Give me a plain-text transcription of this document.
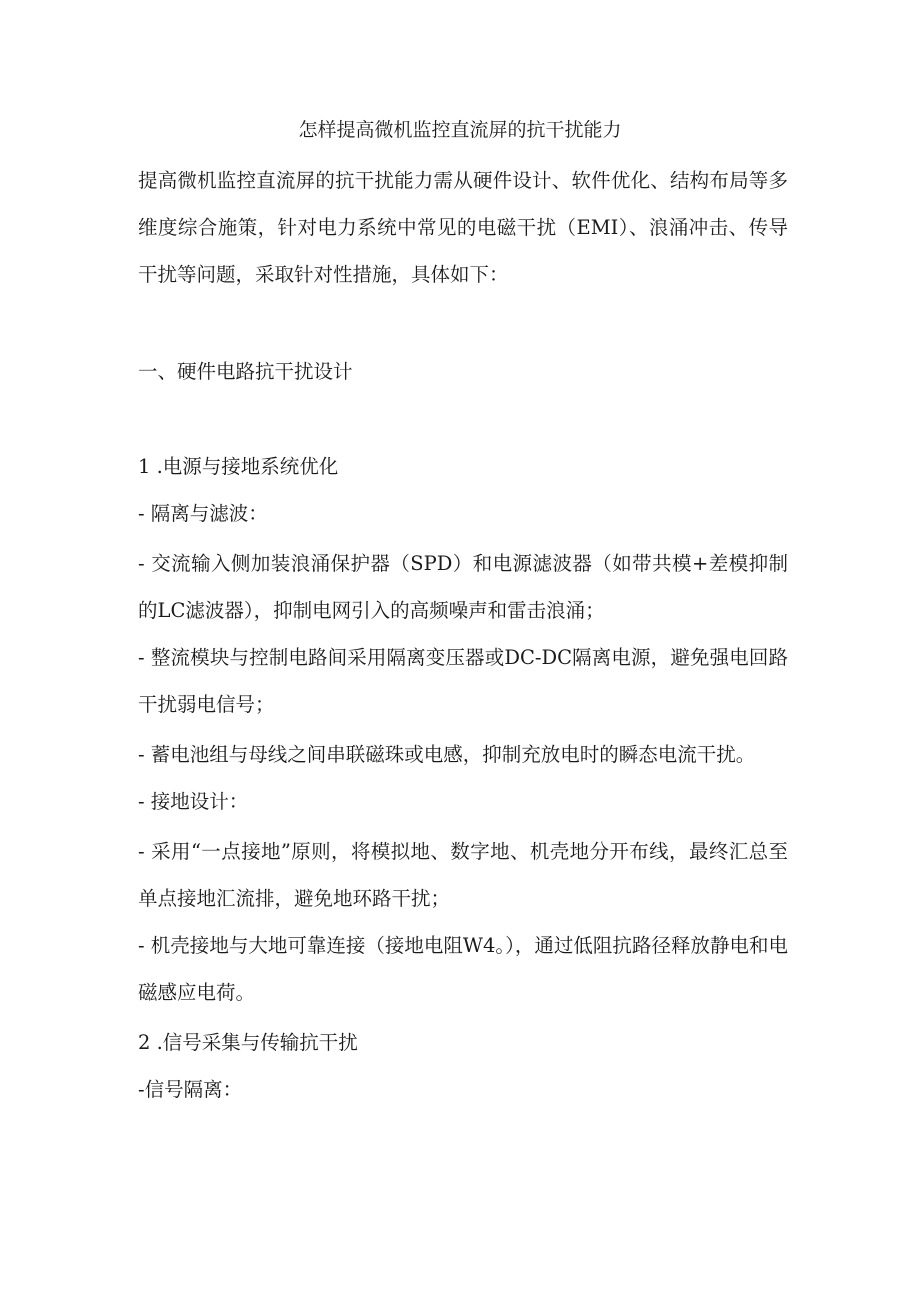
怎样提高微机监控直流屏的抗干扰能力

提高微机监控直流屏的抗干扰能力需从硬件设计、软件优化、结构布局等多维度综合施策，针对电力系统中常见的电磁干扰（EMI）、浪涌冲击、传导干扰等问题，采取针对性措施，具体如下：

一、硬件电路抗干扰设计
1 .电源与接地系统优化
- 隔离与滤波：

- 交流输入侧加装浪涌保护器（SPD）和电源滤波器（如带共模+差模抑制的LC滤波器），抑制电网引入的高频噪声和雷击浪涌；

- 整流模块与控制电路间采用隔离变压器或DC-DC隔离电源，避免强电回路干扰弱电信号；

- 蓄电池组与母线之间串联磁珠或电感，抑制充放电时的瞬态电流干扰。
- 接地设计：

- 采用“一点接地”原则，将模拟地、数字地、机壳地分开布线，最终汇总至单点接地汇流排，避免地环路干扰；

- 机壳接地与大地可靠连接（接地电阻W4。），通过低阻抗路径释放静电和电磁感应电荷。

2 .信号采集与传输抗干扰
-信号隔离：
